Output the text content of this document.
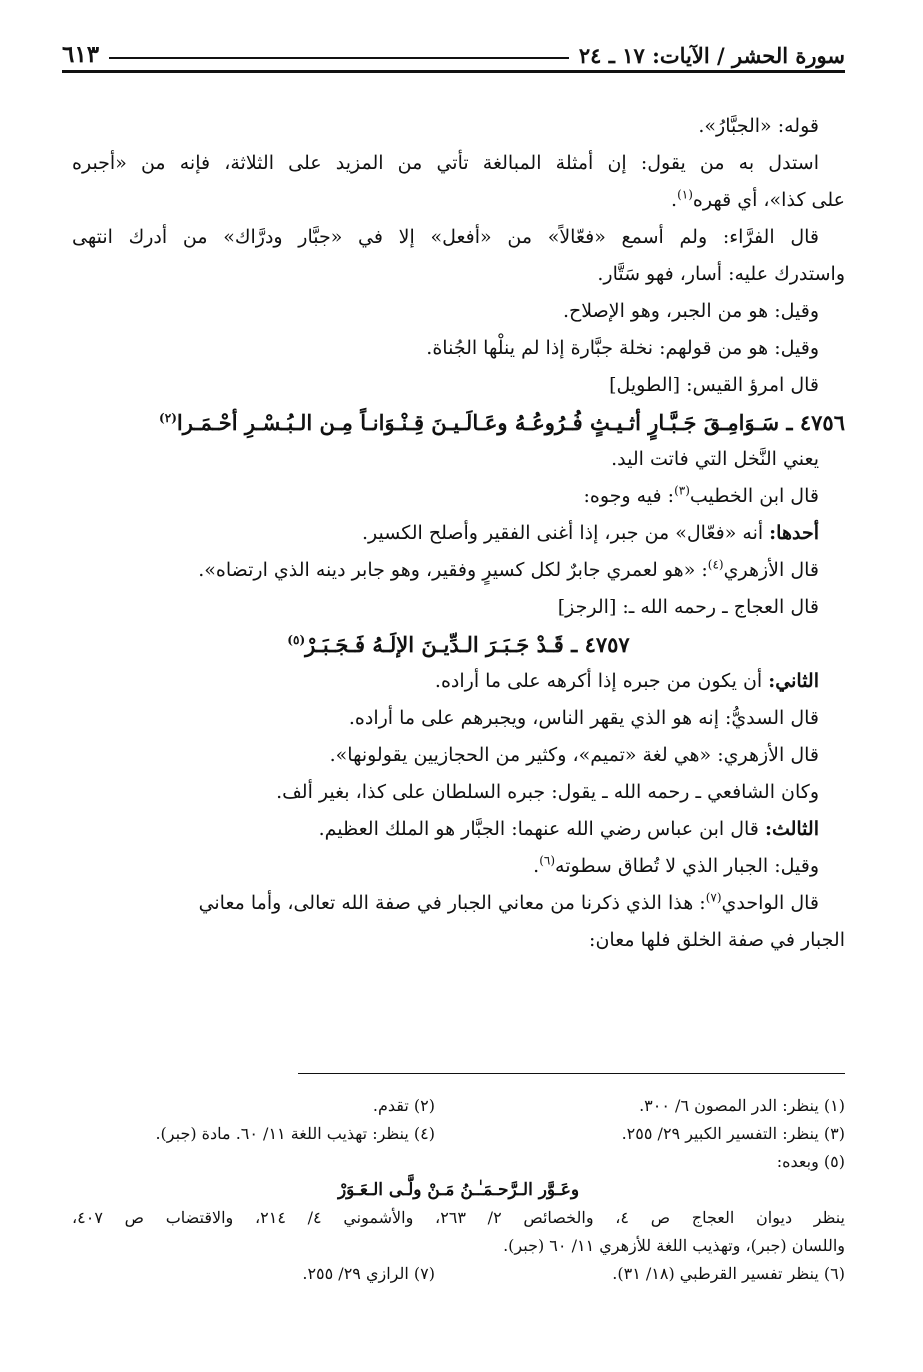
سورة الحشر / الآيات: ١٧ ـ ٢٤
٦١٣
قوله: «الجبَّارُ».
استدل به من يقول: إن أمثلة المبالغة تأتي من المزيد على الثلاثة، فإنه من «أجبره
على كذا»، أي قهره$^{(١)}$.
قال الفرَّاء: ولم أسمع «فعّالاً» من «أفعل» إلا في «جبَّار ودرَّاك» من أدرك انتهى
واستدرك عليه: أسار، فهو سَتَّار.
وقيل: هو من الجبر، وهو الإصلاح.
وقيل: هو من قولهم: نخلة جبَّارة إذا لم ينلْها الجُناة.
قال امرؤ القيس: [الطويل]
٤٧٥٦ ـ سَـوَامِـقَ جَـبَّـارٍ أثـيـثٍ فُـرُوعُـهُ وعَـالَـيـنَ قِـنْـوَانـاً مِـن الـبُـسْـرِ أحْـمَـرا$^{(٢)}$
يعني النَّخل التي فاتت اليد.
قال ابن الخطيب$^{(٣)}$: فيه وجوه:
أحدها: أنه «فعّال» من جبر، إذا أغنى الفقير وأصلح الكسير.
قال الأزهري$^{(٤)}$: «هو لعمري جابرٌ لكل كسيرٍ وفقير، وهو جابر دينه الذي ارتضاه».
قال العجاج ـ رحمه الله ـ: [الرجز]
٤٧٥٧ ـ قَـدْ جَـبَـرَ الـدِّيـنَ الإلَـهُ فَـجَـبَـرْ$^{(٥)}$
الثاني: أن يكون من جبره إذا أكرهه على ما أراده.
قال السديُّ: إنه هو الذي يقهر الناس، ويجبرهم على ما أراده.
قال الأزهري: «هي لغة «تميم»، وكثير من الحجازيين يقولونها».
وكان الشافعي ـ رحمه الله ـ يقول: جبره السلطان على كذا، بغير ألف.
الثالث: قال ابن عباس رضي الله عنهما: الجبَّار هو الملك العظيم.
وقيل: الجبار الذي لا تُطاق سطوته$^{(٦)}$.
قال الواحدي$^{(٧)}$: هذا الذي ذكرنا من معاني الجبار في صفة الله تعالى، وأما معاني
الجبار في صفة الخلق فلها معان:
(١) ينظر: الدر المصون ٦/ ٣٠٠.
(٢) تقدم.
(٣) ينظر: التفسير الكبير ٢٩/ ٢٥٥.
(٤) ينظر: تهذيب اللغة ١١/ ٦٠. مادة (جبر).
(٥) وبعده:
وعَـوَّر الـرَّحـمَـٰـنُ مَـنْ ولَّـى الـعَـوَرْ
ينظر ديوان العجاج ص ٤، والخصائص ٢/ ٢٦٣، والأشموني ٤/ ٢١٤، والاقتضاب ص ٤٠٧،
واللسان (جبر)، وتهذيب اللغة للأزهري ١١/ ٦٠ (جبر).
(٦) ينظر تفسير القرطبي (١٨/ ٣١).
(٧) الرازي ٢٩/ ٢٥٥.
